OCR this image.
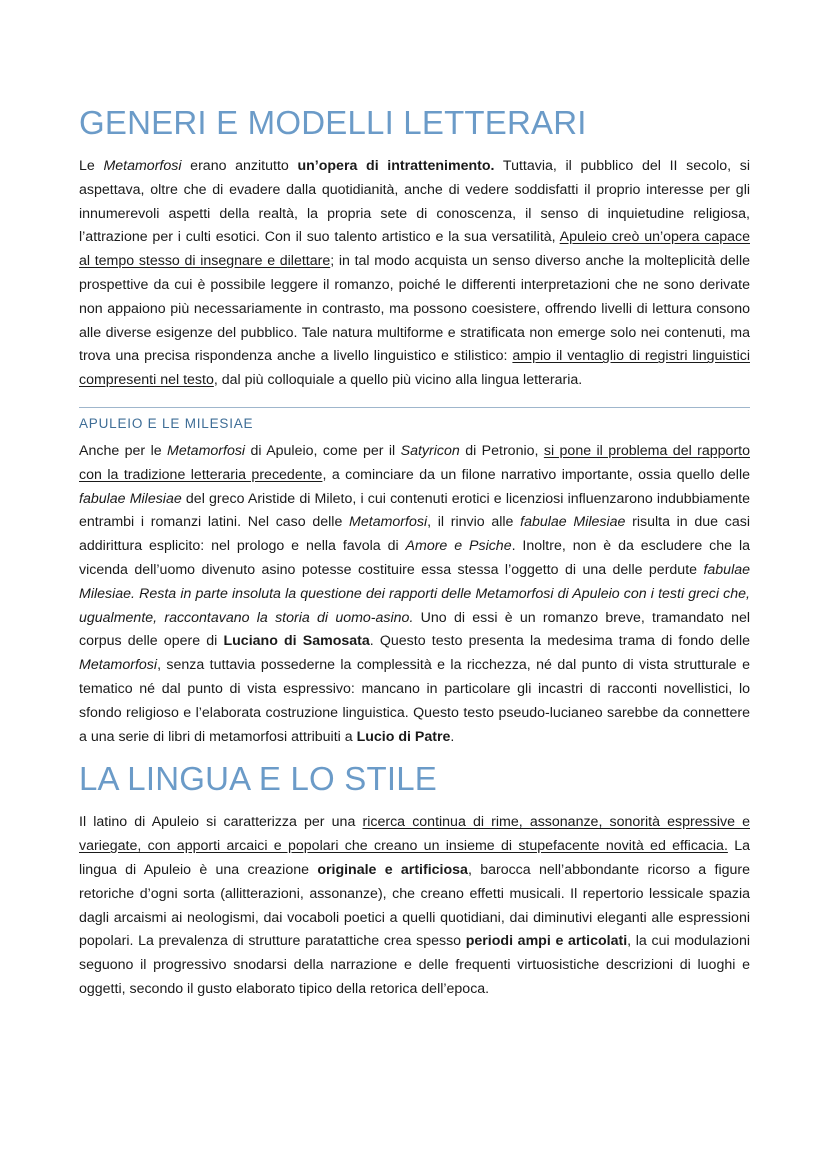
GENERI E MODELLI LETTERARI

Le Metamorfosi erano anzitutto un’opera di intrattenimento. Tuttavia, il pubblico del II secolo, si aspettava, oltre che di evadere dalla quotidianità, anche di vedere soddisfatti il proprio interesse per gli innumerevoli aspetti della realtà, la propria sete di conoscenza, il senso di inquietudine religiosa, l’attrazione per i culti esotici. Con il suo talento artistico e la sua versatilità, Apuleio creò un’opera capace al tempo stesso di insegnare e dilettare; in tal modo acquista un senso diverso anche la molteplicità delle prospettive da cui è possibile leggere il romanzo, poiché le differenti interpretazioni che ne sono derivate non appaiono più necessariamente in contrasto, ma possono coesistere, offrendo livelli di lettura consono alle diverse esigenze del pubblico. Tale natura multiforme e stratificata non emerge solo nei contenuti, ma trova una precisa rispondenza anche a livello linguistico e stilistico: ampio il ventaglio di registri linguistici compresenti nel testo, dal più colloquiale a quello più vicino alla lingua letteraria.

APULEIO E LE MILESIAE

Anche per le Metamorfosi di Apuleio, come per il Satyricon di Petronio, si pone il problema del rapporto con la tradizione letteraria precedente, a cominciare da un filone narrativo importante, ossia quello delle fabulae Milesiae del greco Aristide di Mileto, i cui contenuti erotici e licenziosi influenzarono indubbiamente entrambi i romanzi latini. Nel caso delle Metamorfosi, il rinvio alle fabulae Milesiae risulta in due casi addirittura esplicito: nel prologo e nella favola di Amore e Psiche. Inoltre, non è da escludere che la vicenda dell’uomo divenuto asino potesse costituire essa stessa l’oggetto di una delle perdute fabulae Milesiae. Resta in parte insoluta la questione dei rapporti delle Metamorfosi di Apuleio con i testi greci che, ugualmente, raccontavano la storia di uomo-asino. Uno di essi è un romanzo breve, tramandato nel corpus delle opere di Luciano di Samosata. Questo testo presenta la medesima trama di fondo delle Metamorfosi, senza tuttavia possederne la complessità e la ricchezza, né dal punto di vista strutturale e tematico né dal punto di vista espressivo: mancano in particolare gli incastri di racconti novellistici, lo sfondo religioso e l’elaborata costruzione linguistica. Questo testo pseudo-lucianeo sarebbe da connettere a una serie di libri di metamorfosi attribuiti a Lucio di Patre.

LA LINGUA E LO STILE

Il latino di Apuleio si caratterizza per una ricerca continua di rime, assonanze, sonorità espressive e variegate, con apporti arcaici e popolari che creano un insieme di stupefacente novità ed efficacia. La lingua di Apuleio è una creazione originale e artificiosa, barocca nell’abbondante ricorso a figure retoriche d’ogni sorta (allitterazioni, assonanze), che creano effetti musicali. Il repertorio lessicale spazia dagli arcaismi ai neologismi, dai vocaboli poetici a quelli quotidiani, dai diminutivi eleganti alle espressioni popolari. La prevalenza di strutture paratattiche crea spesso periodi ampi e articolati, la cui modulazioni seguono il progressivo snodarsi della narrazione e delle frequenti virtuosistiche descrizioni di luoghi e oggetti, secondo il gusto elaborato tipico della retorica dell’epoca.
